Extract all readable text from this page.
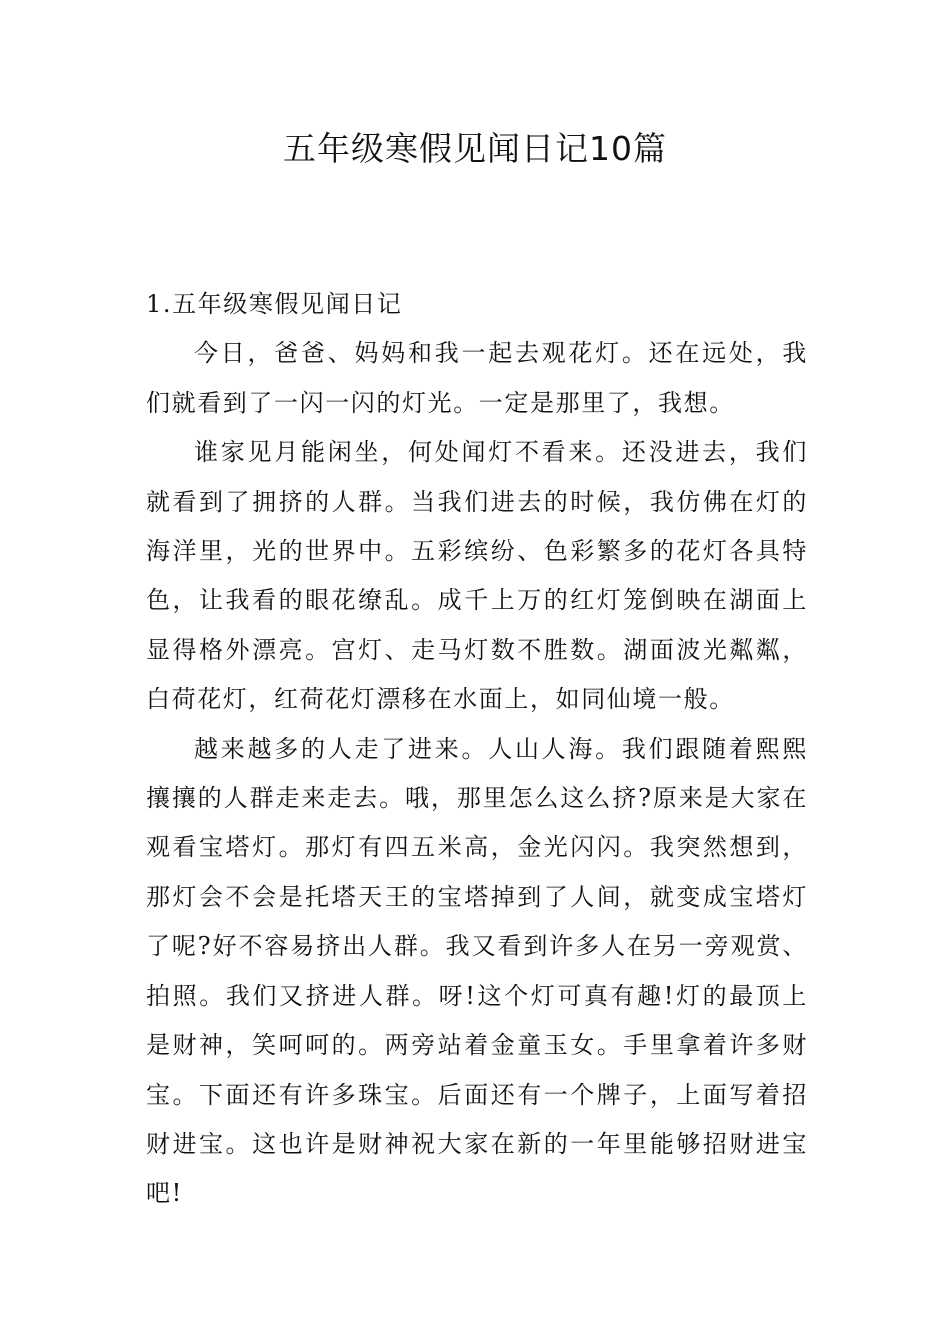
五年级寒假见闻日记10篇
1.五年级寒假见闻日记

今日，爸爸、妈妈和我一起去观花灯。还在远处，我们就看到了一闪一闪的灯光。一定是那里了，我想。

谁家见月能闲坐，何处闻灯不看来。还没进去，我们就看到了拥挤的人群。当我们进去的时候，我仿佛在灯的海洋里，光的世界中。五彩缤纷、色彩繁多的花灯各具特色，让我看的眼花缭乱。成千上万的红灯笼倒映在湖面上显得格外漂亮。宫灯、走马灯数不胜数。湖面波光粼粼，白荷花灯，红荷花灯漂移在水面上，如同仙境一般。

越来越多的人走了进来。人山人海。我们跟随着熙熙攘攘的人群走来走去。哦，那里怎么这么挤?原来是大家在观看宝塔灯。那灯有四五米高，金光闪闪。我突然想到，那灯会不会是托塔天王的宝塔掉到了人间，就变成宝塔灯了呢?好不容易挤出人群。我又看到许多人在另一旁观赏、拍照。我们又挤进人群。呀!这个灯可真有趣!灯的最顶上是财神，笑呵呵的。两旁站着金童玉女。手里拿着许多财宝。下面还有许多珠宝。后面还有一个牌子，上面写着招财进宝。这也许是财神祝大家在新的一年里能够招财进宝吧!
